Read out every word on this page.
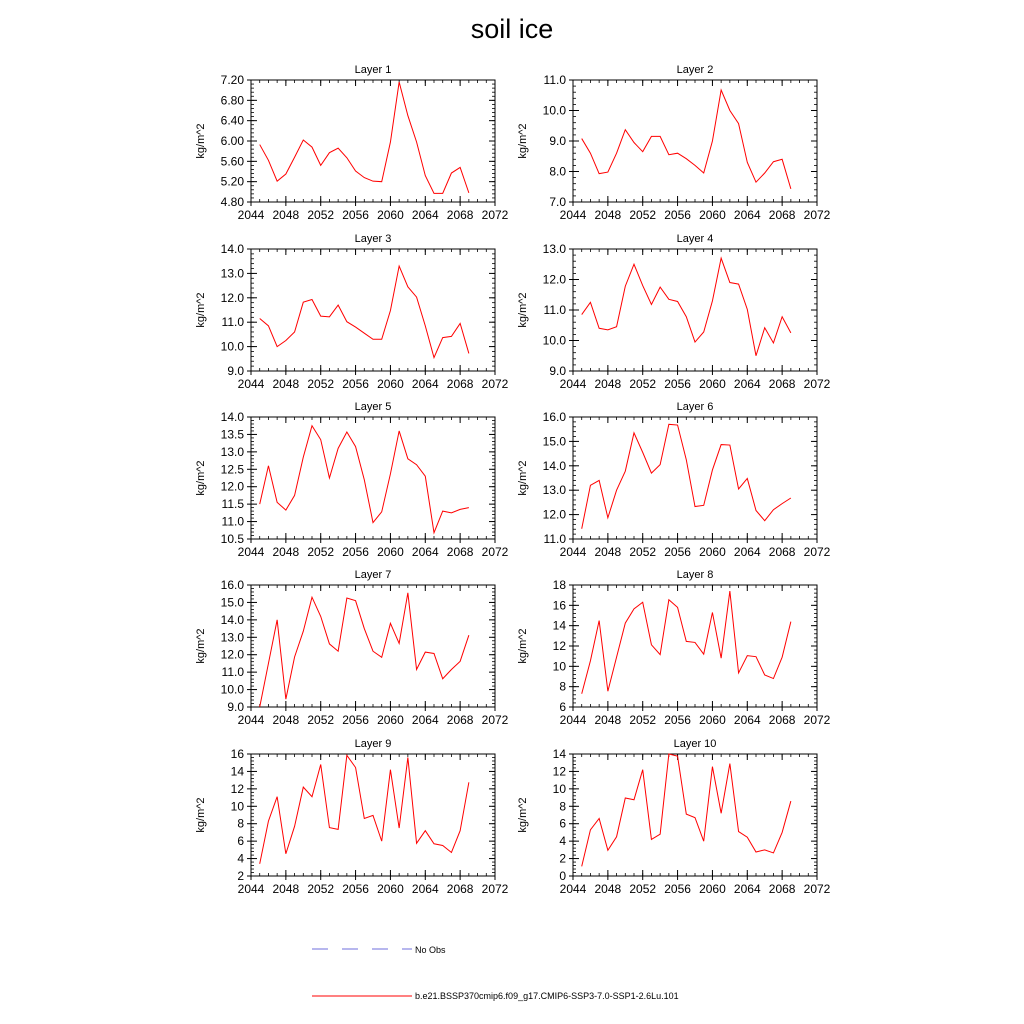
soil ice
Layer 1
kg/m^2
2044 2048 2052 2056 2060 2064 2068 2072
4.80
5.20
5.60
6.00
6.40
6.80
7.20
Layer 2
kg/m^2
2044 2048 2052 2056 2060 2064 2068 2072
7.0
8.0
9.0
10.0
11.0
Layer 3
kg/m^2
2044 2048 2052 2056 2060 2064 2068 2072
9.0
10.0
11.0
12.0
13.0
14.0
Layer 4
kg/m^2
2044 2048 2052 2056 2060 2064 2068 2072
9.0
10.0
11.0
12.0
13.0
Layer 5
kg/m^2
2044 2048 2052 2056 2060 2064 2068 2072
10.5
11.0
11.5
12.0
12.5
13.0
13.5
14.0
Layer 6
kg/m^2
2044 2048 2052 2056 2060 2064 2068 2072
11.0
12.0
13.0
14.0
15.0
16.0
Layer 7
kg/m^2
2044 2048 2052 2056 2060 2064 2068 2072
9.0
10.0
11.0
12.0
13.0
14.0
15.0
16.0
Layer 8
kg/m^2
2044 2048 2052 2056 2060 2064 2068 2072
6
8
10
12
14
16
18
Layer 9
kg/m^2
2044 2048 2052 2056 2060 2064 2068 2072
2
4
6
8
10
12
14
16
Layer 10
kg/m^2
2044 2048 2052 2056 2060 2064 2068 2072
0
2
4
6
8
10
12
14
No Obs
b.e21.BSSP370cmip6.f09_g17.CMIP6-SSP3-7.0-SSP1-2.6Lu.101
